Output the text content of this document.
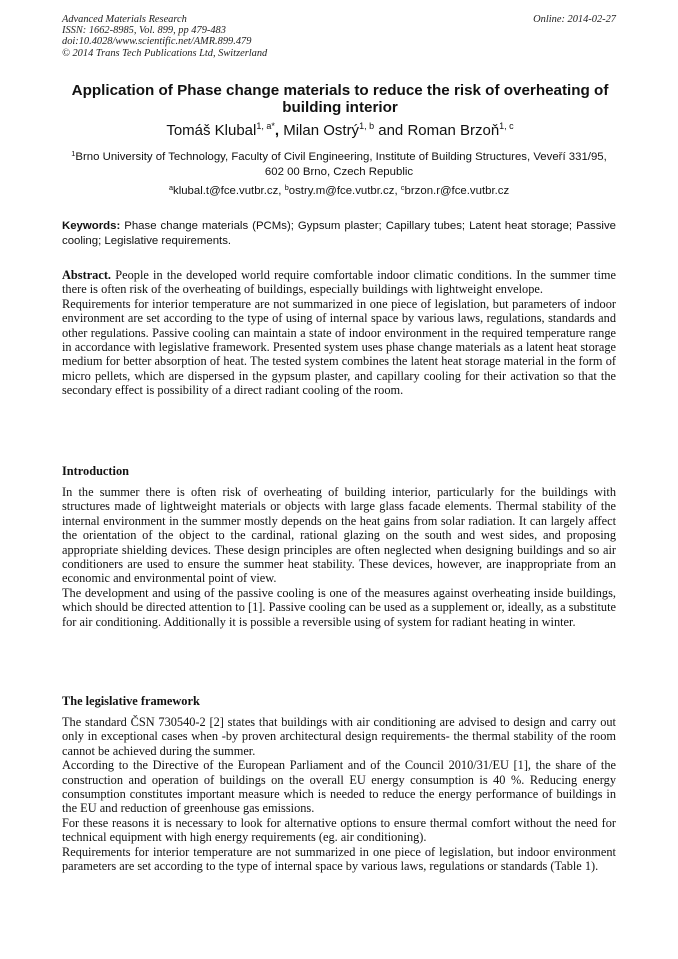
Advanced Materials Research
ISSN: 1662-8985, Vol. 899, pp 479-483
doi:10.4028/www.scientific.net/AMR.899.479
© 2014 Trans Tech Publications Ltd, Switzerland
Online: 2014-02-27
Application of Phase change materials to reduce the risk of overheating of building interior
Tomáš Klubal$^{1, a*}$, Milan Ostrý$^{1, b}$ and Roman Brzoň$^{1, c}$
$^1$Brno University of Technology, Faculty of Civil Engineering, Institute of Building Structures, Veveří 331/95, 602 00 Brno, Czech Republic
$^a$klubal.t@fce.vutbr.cz, $^b$ostry.m@fce.vutbr.cz, $^c$brzon.r@fce.vutbr.cz
Keywords: Phase change materials (PCMs); Gypsum plaster; Capillary tubes; Latent heat storage; Passive cooling; Legislative requirements.

Abstract. People in the developed world require comfortable indoor climatic conditions. In the summer time there is often risk of the overheating of buildings, especially buildings with lightweight envelope.

Requirements for interior temperature are not summarized in one piece of legislation, but parameters of indoor environment are set according to the type of using of internal space by various laws, regulations, standards and other regulations. Passive cooling can maintain a state of indoor environment in the required temperature range in accordance with legislative framework. Presented system uses phase change materials as a latent heat storage medium for better absorption of heat. The tested system combines the latent heat storage material in the form of micro pellets, which are dispersed in the gypsum plaster, and capillary cooling for their activation so that the secondary effect is possibility of a direct radiant cooling of the room.

Introduction

In the summer there is often risk of overheating of building interior, particularly for the buildings with structures made of lightweight materials or objects with large glass facade elements. Thermal stability of the internal environment in the summer mostly depends on the heat gains from solar radiation. It can largely affect the orientation of the object to the cardinal, rational glazing on the south and west sides, and proposing appropriate shielding devices. These design principles are often neglected when designing buildings and so air conditioners are used to ensure the summer heat stability. These devices, however, are inappropriate from an economic and environmental point of view.

The development and using of the passive cooling is one of the measures against overheating inside buildings, which should be directed attention to [1]. Passive cooling can be used as a supplement or, ideally, as a substitute for air conditioning. Additionally it is possible a reversible using of system for radiant heating in winter.

The legislative framework

The standard ČSN 730540-2 [2] states that buildings with air conditioning are advised to design and carry out only in exceptional cases when -by proven architectural design requirements- the thermal stability of the room cannot be achieved during the summer.

According to the Directive of the European Parliament and of the Council 2010/31/EU [1], the share of the construction and operation of buildings on the overall EU energy consumption is 40 %. Reducing energy consumption constitutes important measure which is needed to reduce the energy performance of buildings in the EU and reduction of greenhouse gas emissions.

For these reasons it is necessary to look for alternative options to ensure thermal comfort without the need for technical equipment with high energy requirements (eg. air conditioning).

Requirements for interior temperature are not summarized in one piece of legislation, but indoor environment parameters are set according to the type of internal space by various laws, regulations or standards (Table 1).
